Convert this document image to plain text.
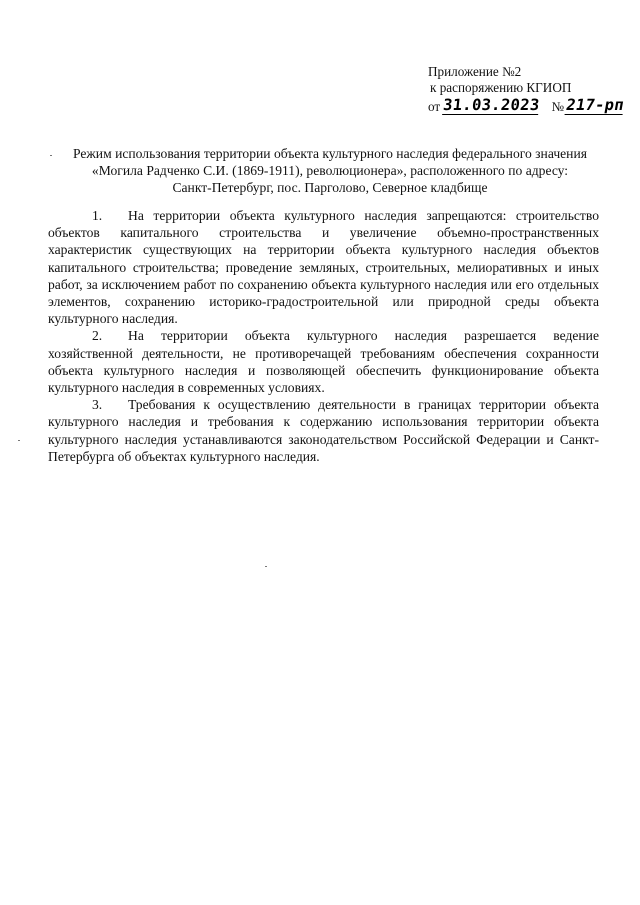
Приложение №2
к распоряжению КГИОП
от 31.03.2023 № 217-рп
Режим использования территории объекта культурного наследия федерального значения
«Могила Радченко С.И. (1869-1911), революционера», расположенного по адресу:
Санкт-Петербург, пос. Парголово, Северное кладбище

1. На территории объекта культурного наследия запрещаются: строительство объектов капитального строительства и увеличение объемно-пространственных характеристик существующих на территории объекта культурного наследия объектов капитального строительства; проведение земляных, строительных, мелиоративных и иных работ, за исключением работ по сохранению объекта культурного наследия или его отдельных элементов, сохранению историко-градостроительной или природной среды объекта культурного наследия.

2. На территории объекта культурного наследия разрешается ведение хозяйственной деятельности, не противоречащей требованиям обеспечения сохранности объекта культурного наследия и позволяющей обеспечить функционирование объекта культурного наследия в современных условиях.

3. Требования к осуществлению деятельности в границах территории объекта культурного наследия и требования к содержанию использования территории объекта культурного наследия устанавливаются законодательством Российской Федерации и Санкт-Петербурга об объектах культурного наследия.
